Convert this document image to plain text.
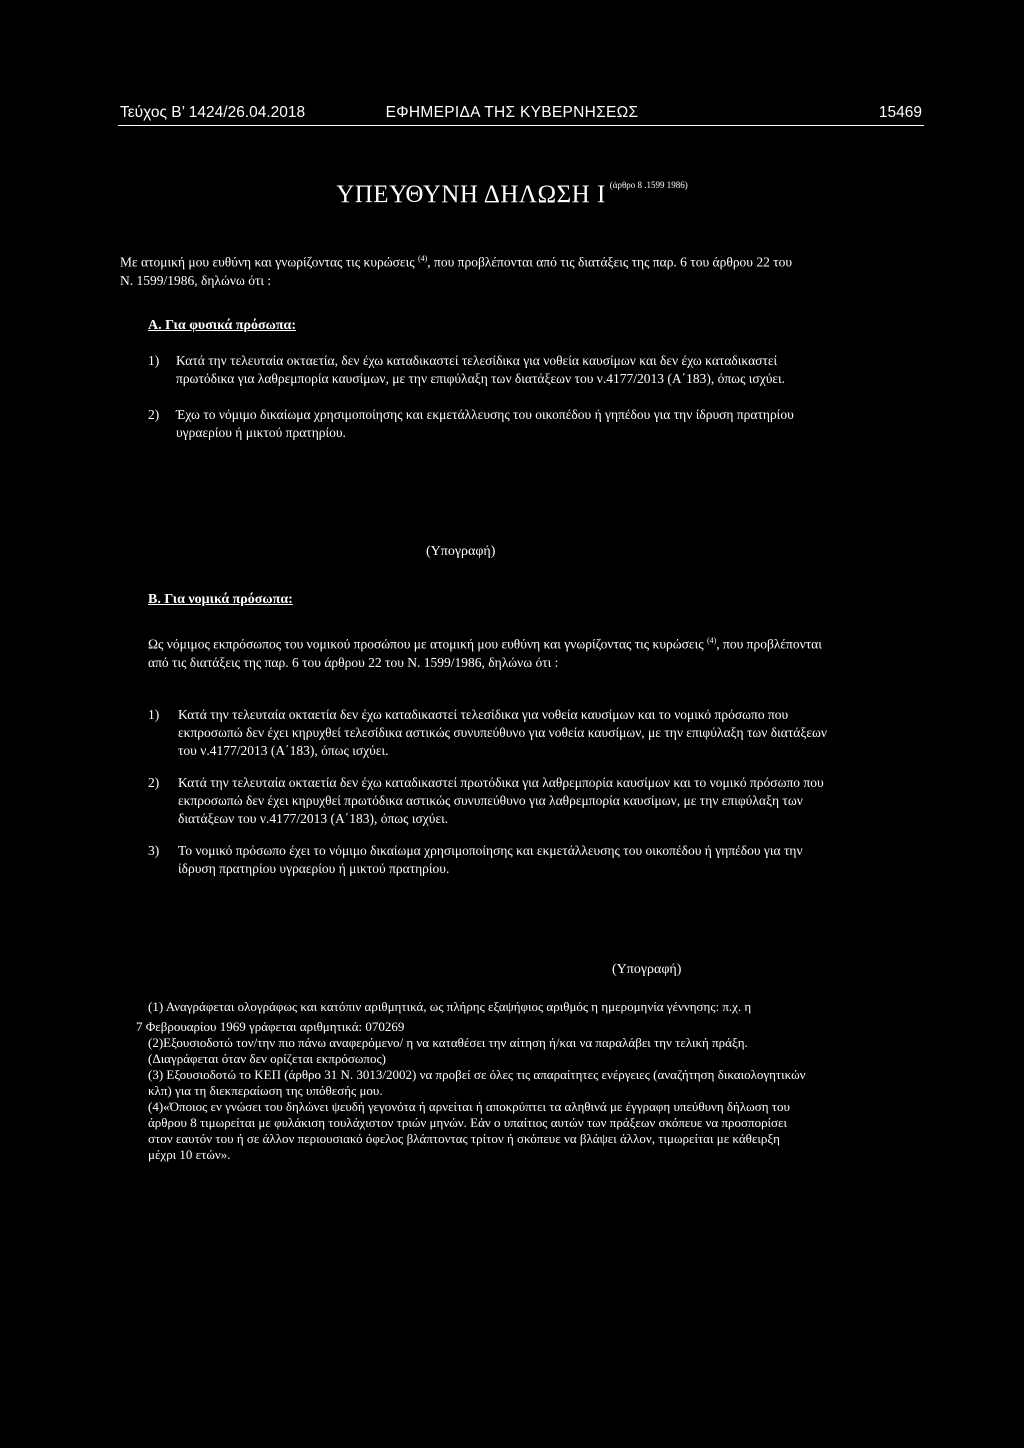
Τεύχος Β’ 1424/26.04.2018	ΕΦΗΜΕΡΙΔΑ ΤΗΣ ΚΥΒΕΡΝΗΣΕΩΣ	15469
ΥΠΕΥΘΥΝΗ ΔΗΛΩΣΗ Ι $^{(ά\rho\theta\rho o 8 .1599 1986)}$
Με ατομική μου ευθύνη και γνωρίζοντας τις κυρώσεις $^{(4)}$, που προβλέπονται από τις διατάξεις της παρ. 6 του άρθρου 22 του
Ν. 1599/1986, δηλώνω ότι :
Α. Για φυσικά πρόσωπα:
1) Κατά την τελευταία οκταετία, δεν έχω καταδικαστεί τελεσίδικα για νοθεία καυσίμων και δεν έχω καταδικαστεί
πρωτόδικα για λαθρεμπορία καυσίμων, με την επιφύλαξη των διατάξεων του ν.4177/2013 (Α΄183), όπως ισχύει.
2) Έχω το νόμιμο δικαίωμα χρησιμοποίησης και εκμετάλλευσης του οικοπέδου ή γηπέδου για την ίδρυση πρατηρίου
υγραερίου ή μικτού πρατηρίου.
(Υπογραφή)
Β. Για νομικά πρόσωπα:
Ως νόμιμος εκπρόσωπος του νομικού προσώπου με ατομική μου ευθύνη και γνωρίζοντας τις κυρώσεις $^{(4)}$, που προβλέπονται
από τις διατάξεις της παρ. 6 του άρθρου 22 του Ν. 1599/1986, δηλώνω ότι :
1) Κατά την τελευταία οκταετία δεν έχω καταδικαστεί τελεσίδικα για νοθεία καυσίμων και το νομικό πρόσωπο που
εκπροσωπώ δεν έχει κηρυχθεί τελεσίδικα αστικώς συνυπεύθυνο για νοθεία καυσίμων, με την επιφύλαξη των διατάξεων
του ν.4177/2013 (Α΄183), όπως ισχύει.
2) Κατά την τελευταία οκταετία δεν έχω καταδικαστεί πρωτόδικα για λαθρεμπορία καυσίμων και το νομικό πρόσωπο που
εκπροσωπώ δεν έχει κηρυχθεί πρωτόδικα αστικώς συνυπεύθυνο για λαθρεμπορία καυσίμων, με την επιφύλαξη των
διατάξεων του ν.4177/2013 (Α΄183), όπως ισχύει.
3) Το νομικό πρόσωπο έχει το νόμιμο δικαίωμα χρησιμοποίησης και εκμετάλλευσης του οικοπέδου ή γηπέδου για την
ίδρυση πρατηρίου υγραερίου ή μικτού πρατηρίου.
(Υπογραφή)
(1) Αναγράφεται ολογράφως και κατόπιν αριθμητικά, ως πλήρης εξαψήφιος αριθμός η ημερομηνία γέννησης: π.χ. η
7 Φεβρουαρίου 1969 γράφεται αριθμητικά: 070269
(2)Εξουσιοδοτώ τον/την πιο πάνω αναφερόμενο/ η να καταθέσει την αίτηση ή/και να παραλάβει την τελική πράξη.
(Διαγράφεται όταν δεν ορίζεται εκπρόσωπος)
(3) Εξουσιοδοτώ το ΚΕΠ (άρθρο 31 Ν. 3013/2002) να προβεί σε όλες τις απαραίτητες ενέργειες (αναζήτηση δικαιολογητικών
κλπ) για τη διεκπεραίωση της υπόθεσής μου.
(4)«Όποιος εν γνώσει του δηλώνει ψευδή γεγονότα ή αρνείται ή αποκρύπτει τα αληθινά με έγγραφη υπεύθυνη δήλωση του
άρθρου 8 τιμωρείται με φυλάκιση τουλάχιστον τριών μηνών. Εάν ο υπαίτιος αυτών των πράξεων σκόπευε να προσπορίσει
στον εαυτόν του ή σε άλλον περιουσιακό όφελος βλάπτοντας τρίτον ή σκόπευε να βλάψει άλλον, τιμωρείται με κάθειρξη
μέχρι 10 ετών».
